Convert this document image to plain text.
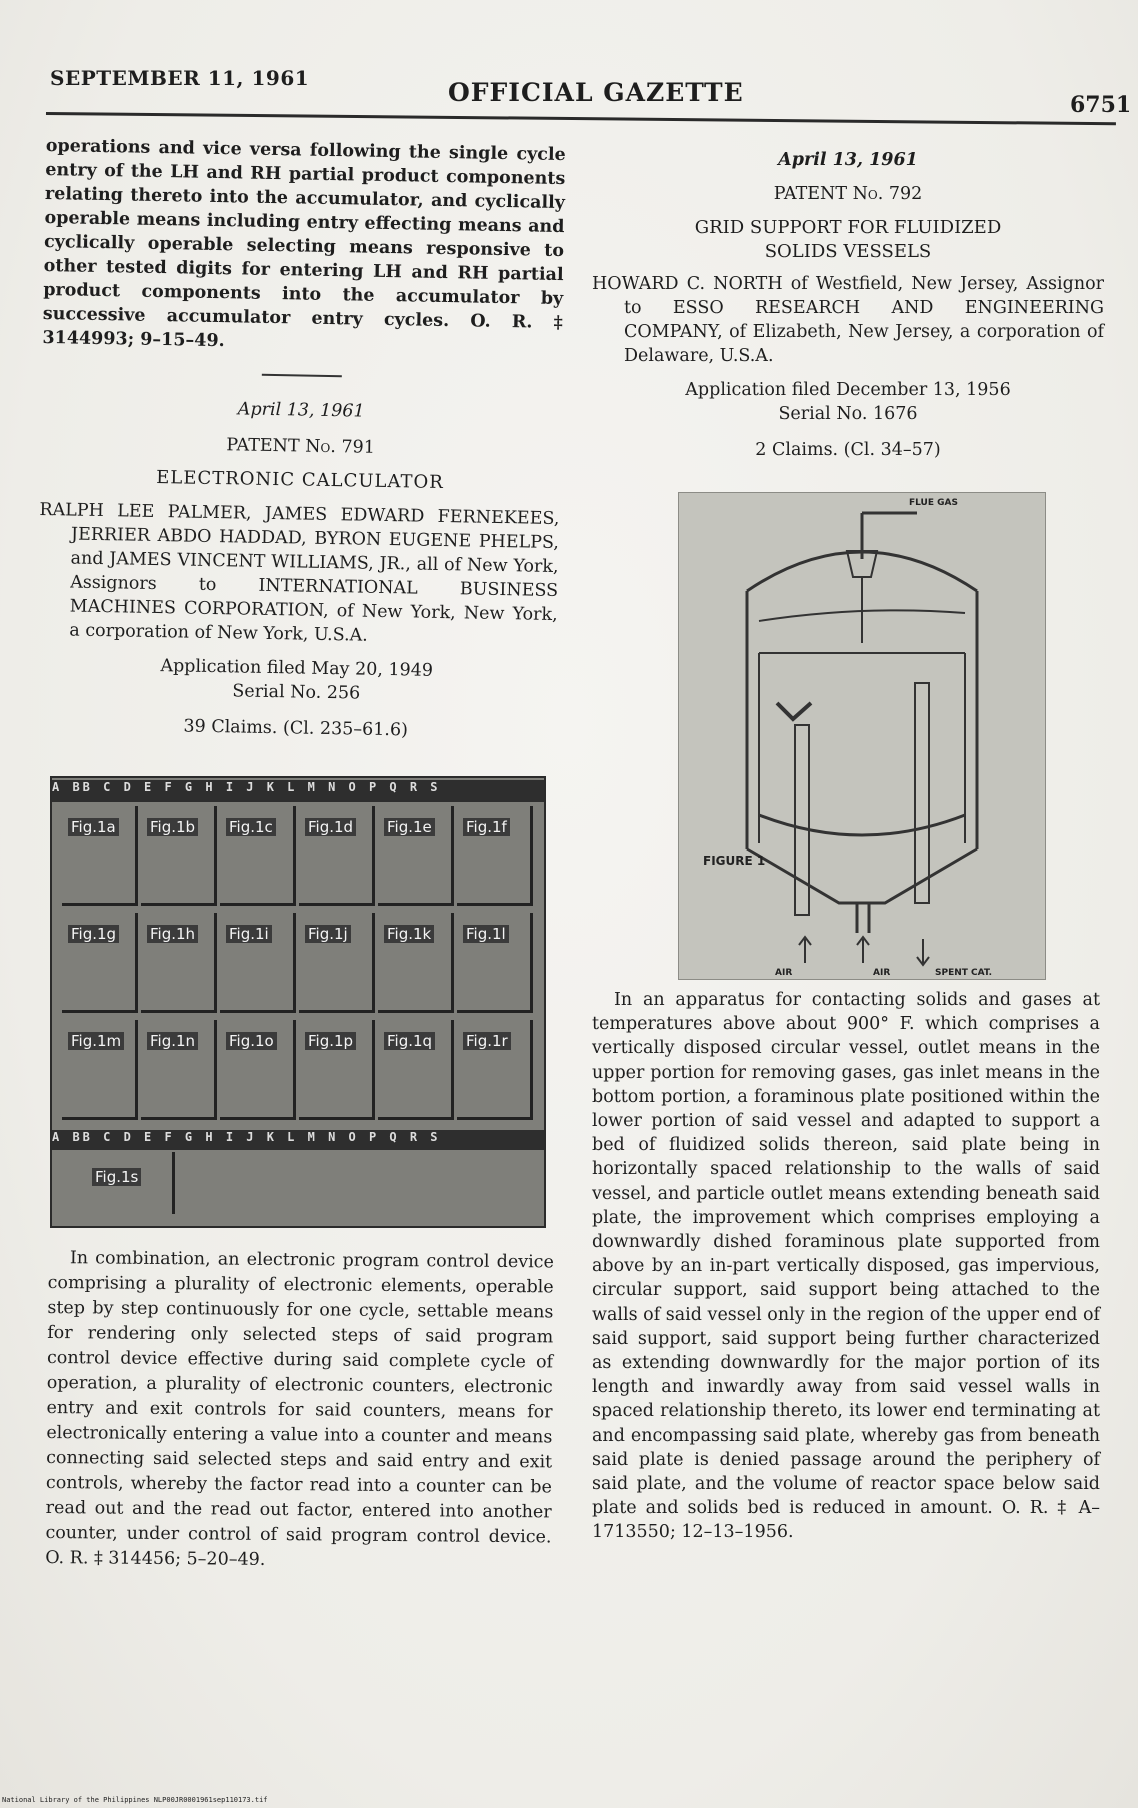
SEPTEMBER 11, 1961	OFFICIAL GAZETTE	6751

operations and vice versa following the single cycle entry of the LH and RH partial product components relating thereto into the accumulator, and cyclically operable means including entry effecting means and cyclically operable selecting means responsive to other tested digits for entering LH and RH partial product components into the accumulator by successive accumulator entry cycles. O. R. ‡ 3144993; 9–15–49.

April 13, 1961

PATENT No. 791

ELECTRONIC CALCULATOR

RALPH LEE PALMER, JAMES EDWARD FERNEKEES, JERRIER ABDO HADDAD, BYRON EUGENE PHELPS, and JAMES VINCENT WILLIAMS, JR., all of New York, Assignors to INTERNATIONAL BUSINESS MACHINES CORPORATION, of New York, New York, a corporation of New York, U.S.A.

Application filed May 20, 1949

Serial No. 256

39 Claims. (Cl. 235–61.6)

A BB C D E F G H I J K L M N O P Q R S
Fig.1a Fig.1b Fig.1c Fig.1d Fig.1e Fig.1f
Fig.1g Fig.1h Fig.1i	Fig.1j	Fig.1k Fig.1l
Fig.1m Fig.1n Fig.1o Fig.1p Fig.1q Fig.1r
A BB C D E F G H I J K L M N O P Q R S
Fig.1s

In combination, an electronic program control device comprising a plurality of electronic elements, operable step by step continuously for one cycle, settable means for rendering only selected steps of said program control device effective during said complete cycle of operation, a plurality of electronic counters, electronic entry and exit controls for said counters, means for electronically entering a value into a counter and means connecting said selected steps and said entry and exit controls, whereby the factor read into a counter can be read out and the read out factor, entered into another counter, under control of said program control device. O. R. ‡ 314456; 5–20–49.

April 13, 1961

PATENT No. 792

GRID SUPPORT FOR FLUIDIZED

SOLIDS VESSELS

HOWARD C. NORTH of Westfield, New Jersey, Assignor to ESSO RESEARCH AND ENGINEERING COMPANY, of Elizabeth, New Jersey, a corporation of Delaware, U.S.A.

Application filed December 13, 1956

Serial No. 1676

2 Claims. (Cl. 34–57)

FLUE GAS
FIGURE 1
AIR	AIR	SPENT CAT.

In an apparatus for contacting solids and gases at temperatures above about 900° F. which comprises a vertically disposed circular vessel, outlet means in the upper portion for removing gases, gas inlet means in the bottom portion, a foraminous plate positioned within the lower portion of said vessel and adapted to support a bed of fluidized solids thereon, said plate being in horizontally spaced relationship to the walls of said vessel, and particle outlet means extending beneath said plate, the improvement which comprises employing a downwardly dished foraminous plate supported from above by an in-part vertically disposed, gas impervious, circular support, said support being attached to the walls of said vessel only in the region of the upper end of said support, said support being further characterized as extending downwardly for the major portion of its length and inwardly away from said vessel walls in spaced relationship thereto, its lower end terminating at and encompassing said plate, whereby gas from beneath said plate is denied passage around the periphery of said plate, and the volume of reactor space below said plate and solids bed is reduced in amount. O. R. ‡ A–1713550; 12–13–1956.

National Library of the Philippines NLP00JR0001961sep110173.tif
